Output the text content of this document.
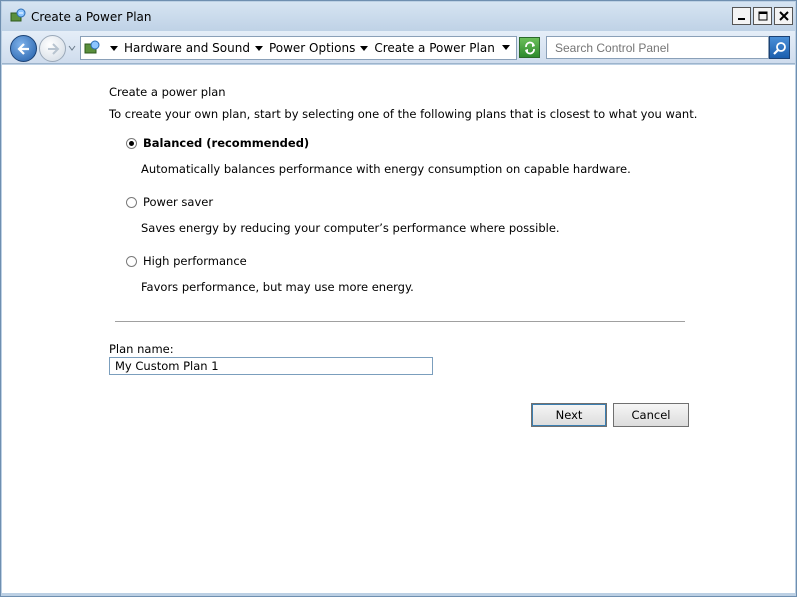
Create a Power Plan
Hardware and Sound Power Options Create a Power Plan
Search Control Panel
Create a power plan
To create your own plan, start by selecting one of the following plans that is closest to what you want.
Balanced (recommended)
Automatically balances performance with energy consumption on capable hardware.
Power saver
Saves energy by reducing your computer’s performance where possible.
High performance
Favors performance, but may use more energy.
Plan name:
My Custom Plan 1
Next	Cancel
